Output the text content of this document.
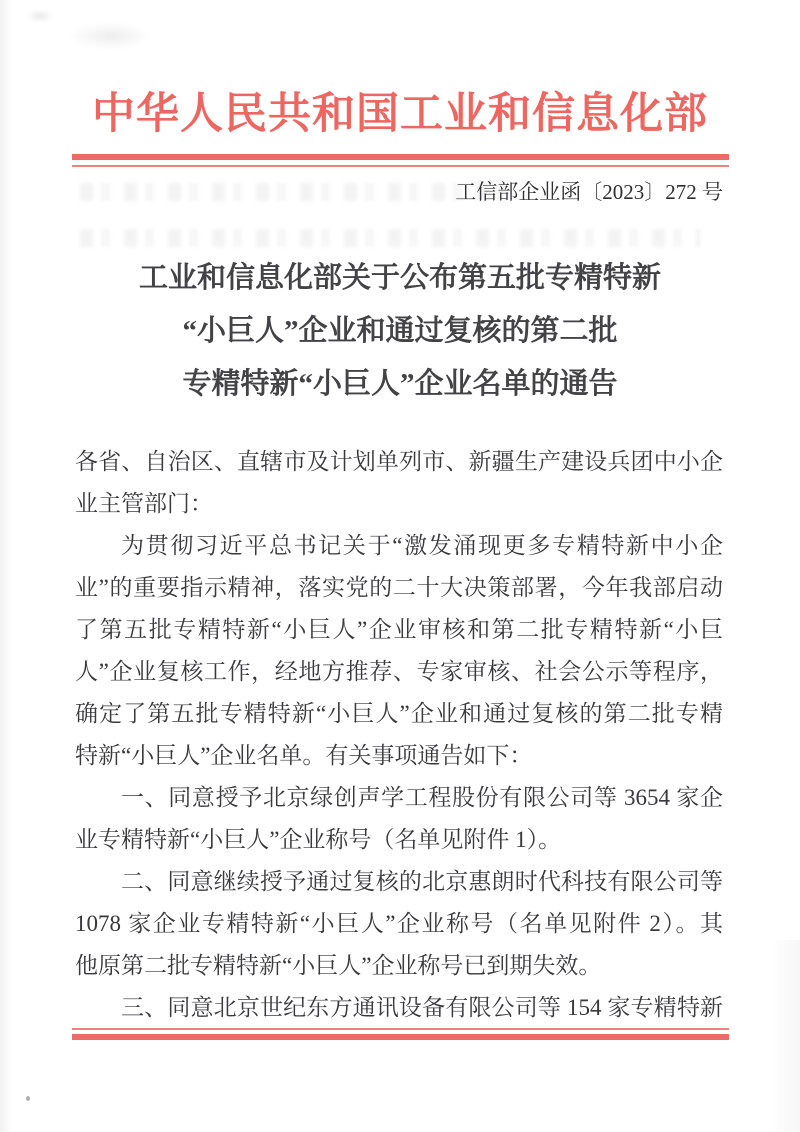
中华人民共和国工业和信息化部
工信部企业函〔2023〕272 号
工业和信息化部关于公布第五批专精特新
“小巨人”企业和通过复核的第二批
专精特新“小巨人”企业名单的通告
各省、自治区、直辖市及计划单列市、新疆生产建设兵团中小企
业主管部门：
为贯彻习近平总书记关于“激发涌现更多专精特新中小企
业”的重要指示精神，落实党的二十大决策部署，今年我部启动
了第五批专精特新“小巨人”企业审核和第二批专精特新“小巨
人”企业复核工作，经地方推荐、专家审核、社会公示等程序，
确定了第五批专精特新“小巨人”企业和通过复核的第二批专精
特新“小巨人”企业名单。有关事项通告如下：
一、同意授予北京绿创声学工程股份有限公司等 3654 家企
业专精特新“小巨人”企业称号（名单见附件 1）。
二、同意继续授予通过复核的北京惠朗时代科技有限公司等
1078 家企业专精特新“小巨人”企业称号（名单见附件 2）。其
他原第二批专精特新“小巨人”企业称号已到期失效。
三、同意北京世纪东方通讯设备有限公司等 154 家专精特新
